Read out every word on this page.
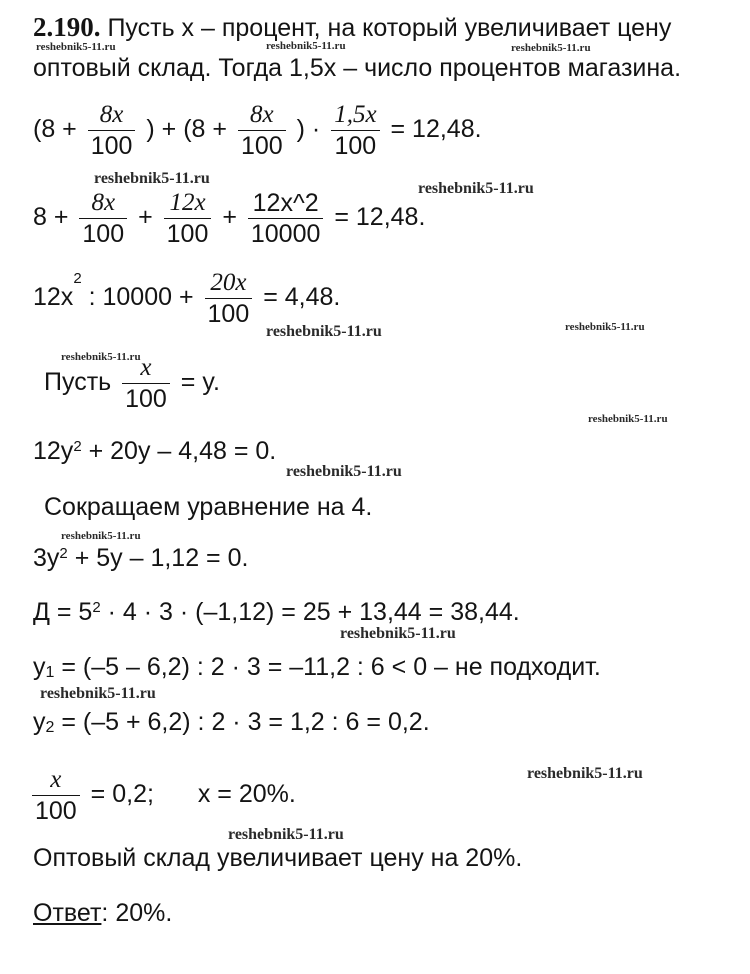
reshebnik5-11.ru	reshebnik5-11.ru	reshebnik5-11.ru
reshebnik5-11.ru
reshebnik5-11.ru
reshebnik5-11.ru	reshebnik5-11.ru
reshebnik5-11.ru
reshebnik5-11.ru
reshebnik5-11.ru
reshebnik5-11.ru
reshebnik5-11.ru
reshebnik5-11.ru
reshebnik5-11.ru
reshebnik5-11.ru
2.190. Пусть x – процент, на который увеличивает цену
оптовый склад. Тогда 1,5x – число процентов магазина.
($8 + \frac{8x}{100}$ ) + ($8 + \frac{8x}{100}$ ) · $\frac{1,5x}{100} = 12,48$.
$8 + \frac{8x}{100} + \frac{12x}{100} + \frac{12x\^{}2}{10000} = 12,48$.
$12x^2$ : $10000 + \frac{20x}{100} = 4,48$.
Пусть $\frac{x}{100} = y$.
$12y^2 + 20y - 4,48 = 0$.
Сокращаем уравнение на 4.
$3y^2 + 5y - 1,12 = 0$.
$Д = 5^2 \cdot 4 \cdot 3 \cdot (-1,12) = 25 + 13,44 = 38,44$.
$y_1 = (-5 - 6,2)$ : 2 · 3 = –11,2 : 6 < 0 – не подходит.
$y_2 = (-5 + 6,2)$ : 2 · 3 = 1,2 : 6 = 0,2.
$\frac{x}{100} = 0,2$; x = 20%.
Оптовый склад увеличивает цену на 20%.
Ответ: 20%.
